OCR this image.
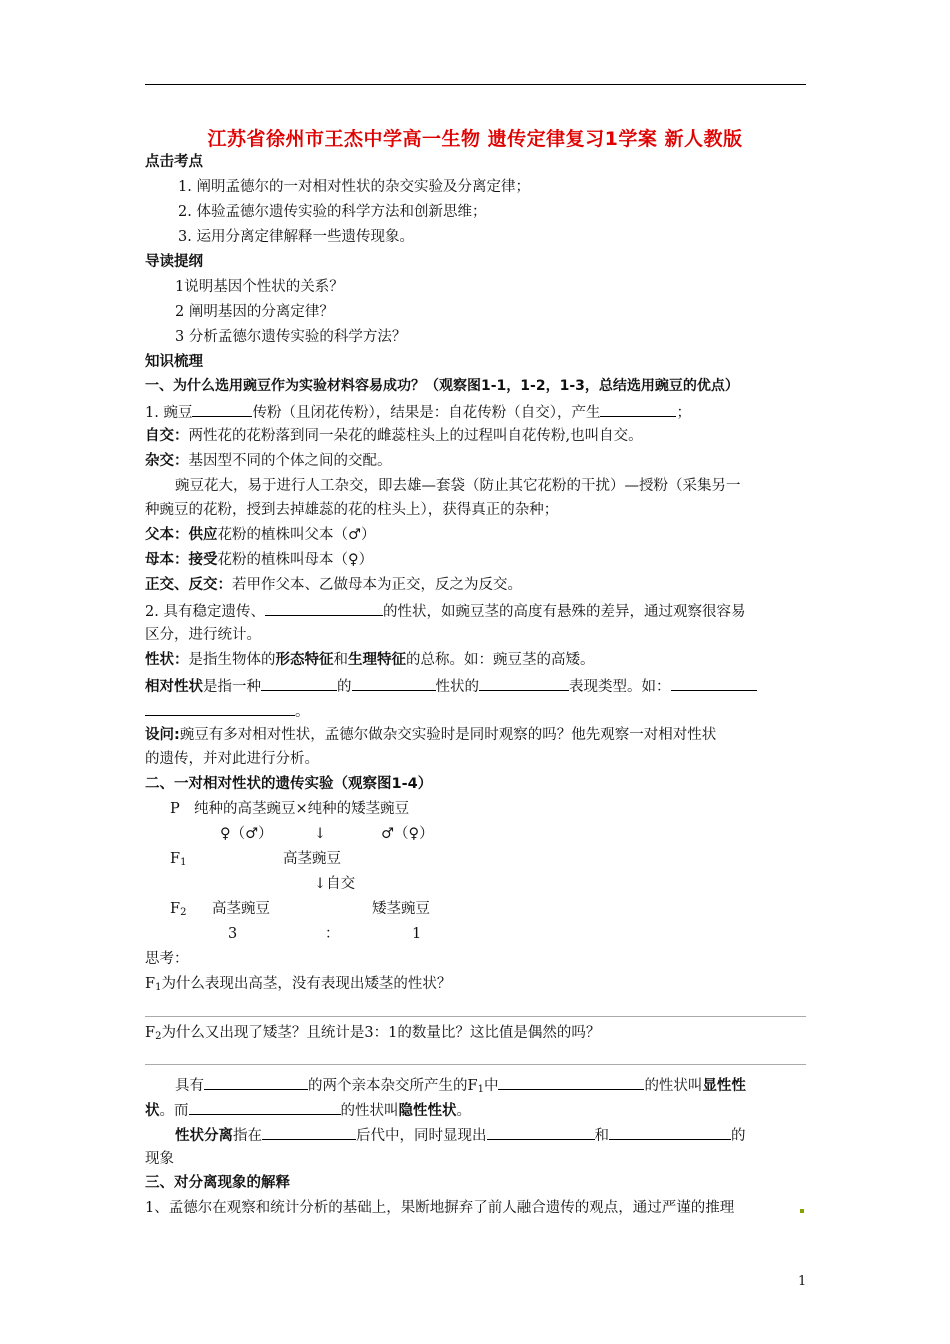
江苏省徐州市王杰中学高一生物 遗传定律复习1学案 新人教版
点击考点
1. 阐明孟德尔的一对相对性状的杂交实验及分离定律；
2. 体验孟德尔遗传实验的科学方法和创新思维；
3. 运用分离定律解释一些遗传现象。
导读提纲
1说明基因个性状的关系？
2 阐明基因的分离定律？
3 分析孟德尔遗传实验的科学方法？
知识梳理
一、为什么选用豌豆作为实验材料容易成功？（观察图1-1，1-2，1-3，总结选用豌豆的优点）
1. 豌豆	传粉（且闭花传粉），结果是：自花传粉（自交），产生	；
自交：两性花的花粉落到同一朵花的雌蕊柱头上的过程叫自花传粉,也叫自交。
杂交：基因型不同的个体之间的交配。
豌豆花大，易于进行人工杂交，即去雄—套袋（防止其它花粉的干扰）—授粉（采集另一
种豌豆的花粉，授到去掉雄蕊的花的柱头上），获得真正的杂种；
父本：供应花粉的植株叫父本（♂）
母本：接受花粉的植株叫母本（♀）
正交、反交：若甲作父本、乙做母本为正交，反之为反交。
2. 具有稳定遗传、	的性状，如豌豆茎的高度有悬殊的差异，通过观察很容易
区分，进行统计。
性状：是指生物体的形态特征和生理特征的总称。如：豌豆茎的高矮。
相对性状是指一种	的	性状的	表现类型。如：
。
设问:豌豆有多对相对性状，孟德尔做杂交实验时是同时观察的吗？他先观察一对相对性状
的遗传，并对此进行分析。
二、一对相对性状的遗传实验（观察图1-4）
P 纯种的高茎豌豆×纯种的矮茎豌豆
♀（♂）	↓	♂（♀）
$F_1$	高茎豌豆
↓自交
$F_2$ 高茎豌豆	矮茎豌豆
3	：	1
思考：
$F_1$为什么表现出高茎，没有表现出矮茎的性状？
$F_2$为什么又出现了矮茎？且统计是3：1的数量比？这比值是偶然的吗？
具有	的两个亲本杂交所产生的$F_1$中	的性状叫显性性
状。而	的性状叫隐性性状。
性状分离指在	后代中，同时显现出	和	的
现象
三、对分离现象的解释
1、孟德尔在观察和统计分析的基础上，果断地摒弃了前人融合遗传的观点，通过严谨的推理
1
